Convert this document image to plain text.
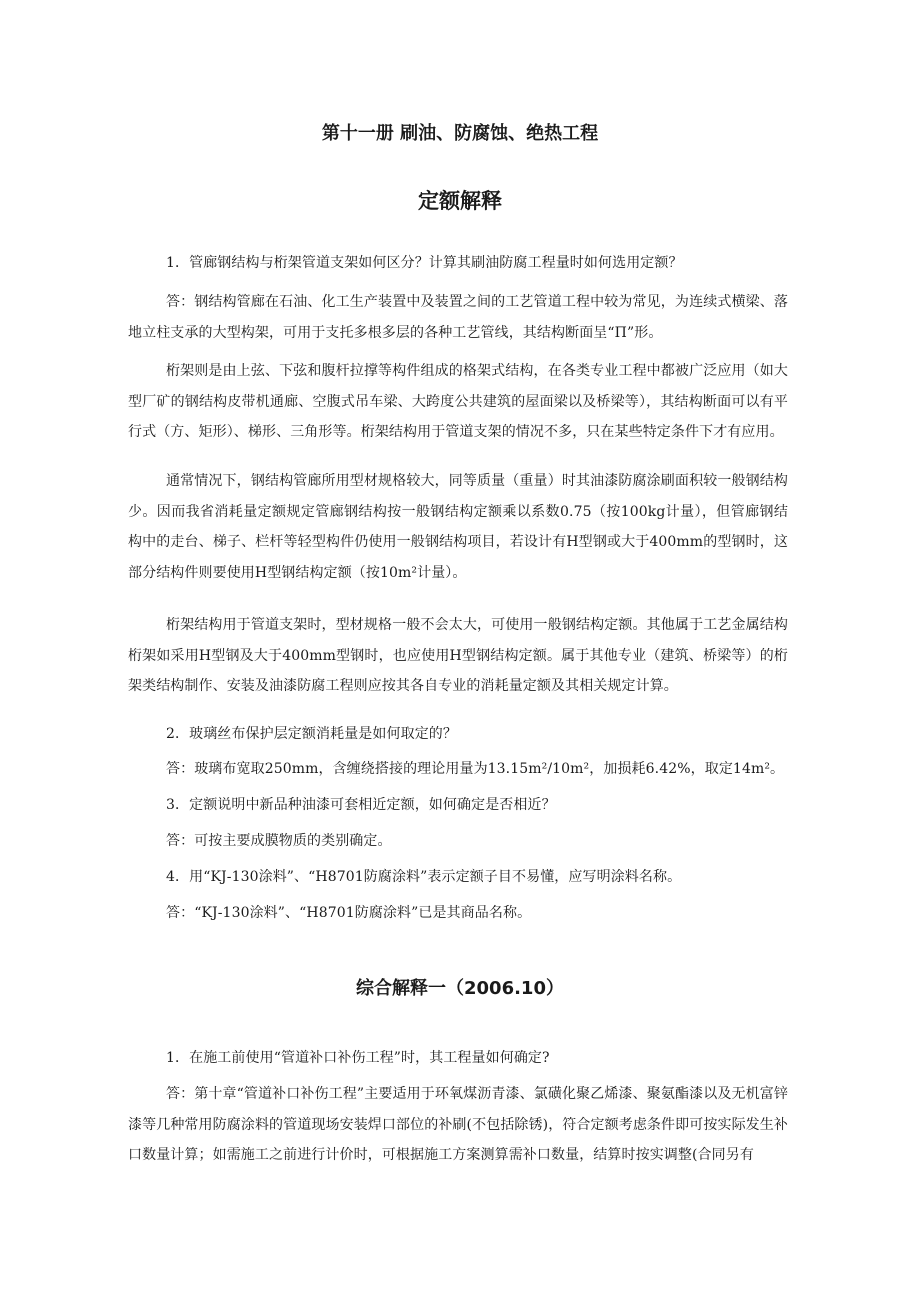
第十一册 刷油、防腐蚀、绝热工程
定额解释

1．管廊钢结构与桁架管道支架如何区分？计算其刷油防腐工程量时如何选用定额？

答：钢结构管廊在石油、化工生产装置中及装置之间的工艺管道工程中较为常见，为连续式横梁、落地立柱支承的大型构架，可用于支托多根多层的各种工艺管线，其结构断面呈“Π”形。

桁架则是由上弦、下弦和腹杆拉撑等构件组成的格架式结构，在各类专业工程中都被广泛应用（如大型厂矿的钢结构皮带机通廊、空腹式吊车梁、大跨度公共建筑的屋面梁以及桥梁等），其结构断面可以有平行式（方、矩形）、梯形、三角形等。桁架结构用于管道支架的情况不多，只在某些特定条件下才有应用。

通常情况下，钢结构管廊所用型材规格较大，同等质量（重量）时其油漆防腐涂刷面积较一般钢结构少。因而我省消耗量定额规定管廊钢结构按一般钢结构定额乘以系数0.75（按100kg计量），但管廊钢结构中的走台、梯子、栏杆等轻型构件仍使用一般钢结构项目，若设计有H型钢或大于400mm的型钢时，这部分结构件则要使用H型钢结构定额（按10m²计量）。

桁架结构用于管道支架时，型材规格一般不会太大，可使用一般钢结构定额。其他属于工艺金属结构桁架如采用H型钢及大于400mm型钢时，也应使用H型钢结构定额。属于其他专业（建筑、桥梁等）的桁架类结构制作、安装及油漆防腐工程则应按其各自专业的消耗量定额及其相关规定计算。

2．玻璃丝布保护层定额消耗量是如何取定的？

答：玻璃布宽取250mm，含缠绕搭接的理论用量为13.15m²/10m²，加损耗6.42%，取定14m²。

3．定额说明中新品种油漆可套相近定额，如何确定是否相近？

答：可按主要成膜物质的类别确定。

4．用“KJ-130涂料”、“H8701防腐涂料”表示定额子目不易懂，应写明涂料名称。

答：“KJ-130涂料”、“H8701防腐涂料”已是其商品名称。

综合解释一（2006.10）

1．在施工前使用“管道补口补伤工程”时，其工程量如何确定?

答：第十章“管道补口补伤工程”主要适用于环氧煤沥青漆、氯磺化聚乙烯漆、聚氨酯漆以及无机富锌漆等几种常用防腐涂料的管道现场安装焊口部位的补刷(不包括除锈)，符合定额考虑条件即可按实际发生补口数量计算；如需施工之前进行计价时，可根据施工方案测算需补口数量，结算时按实调整(合同另有
